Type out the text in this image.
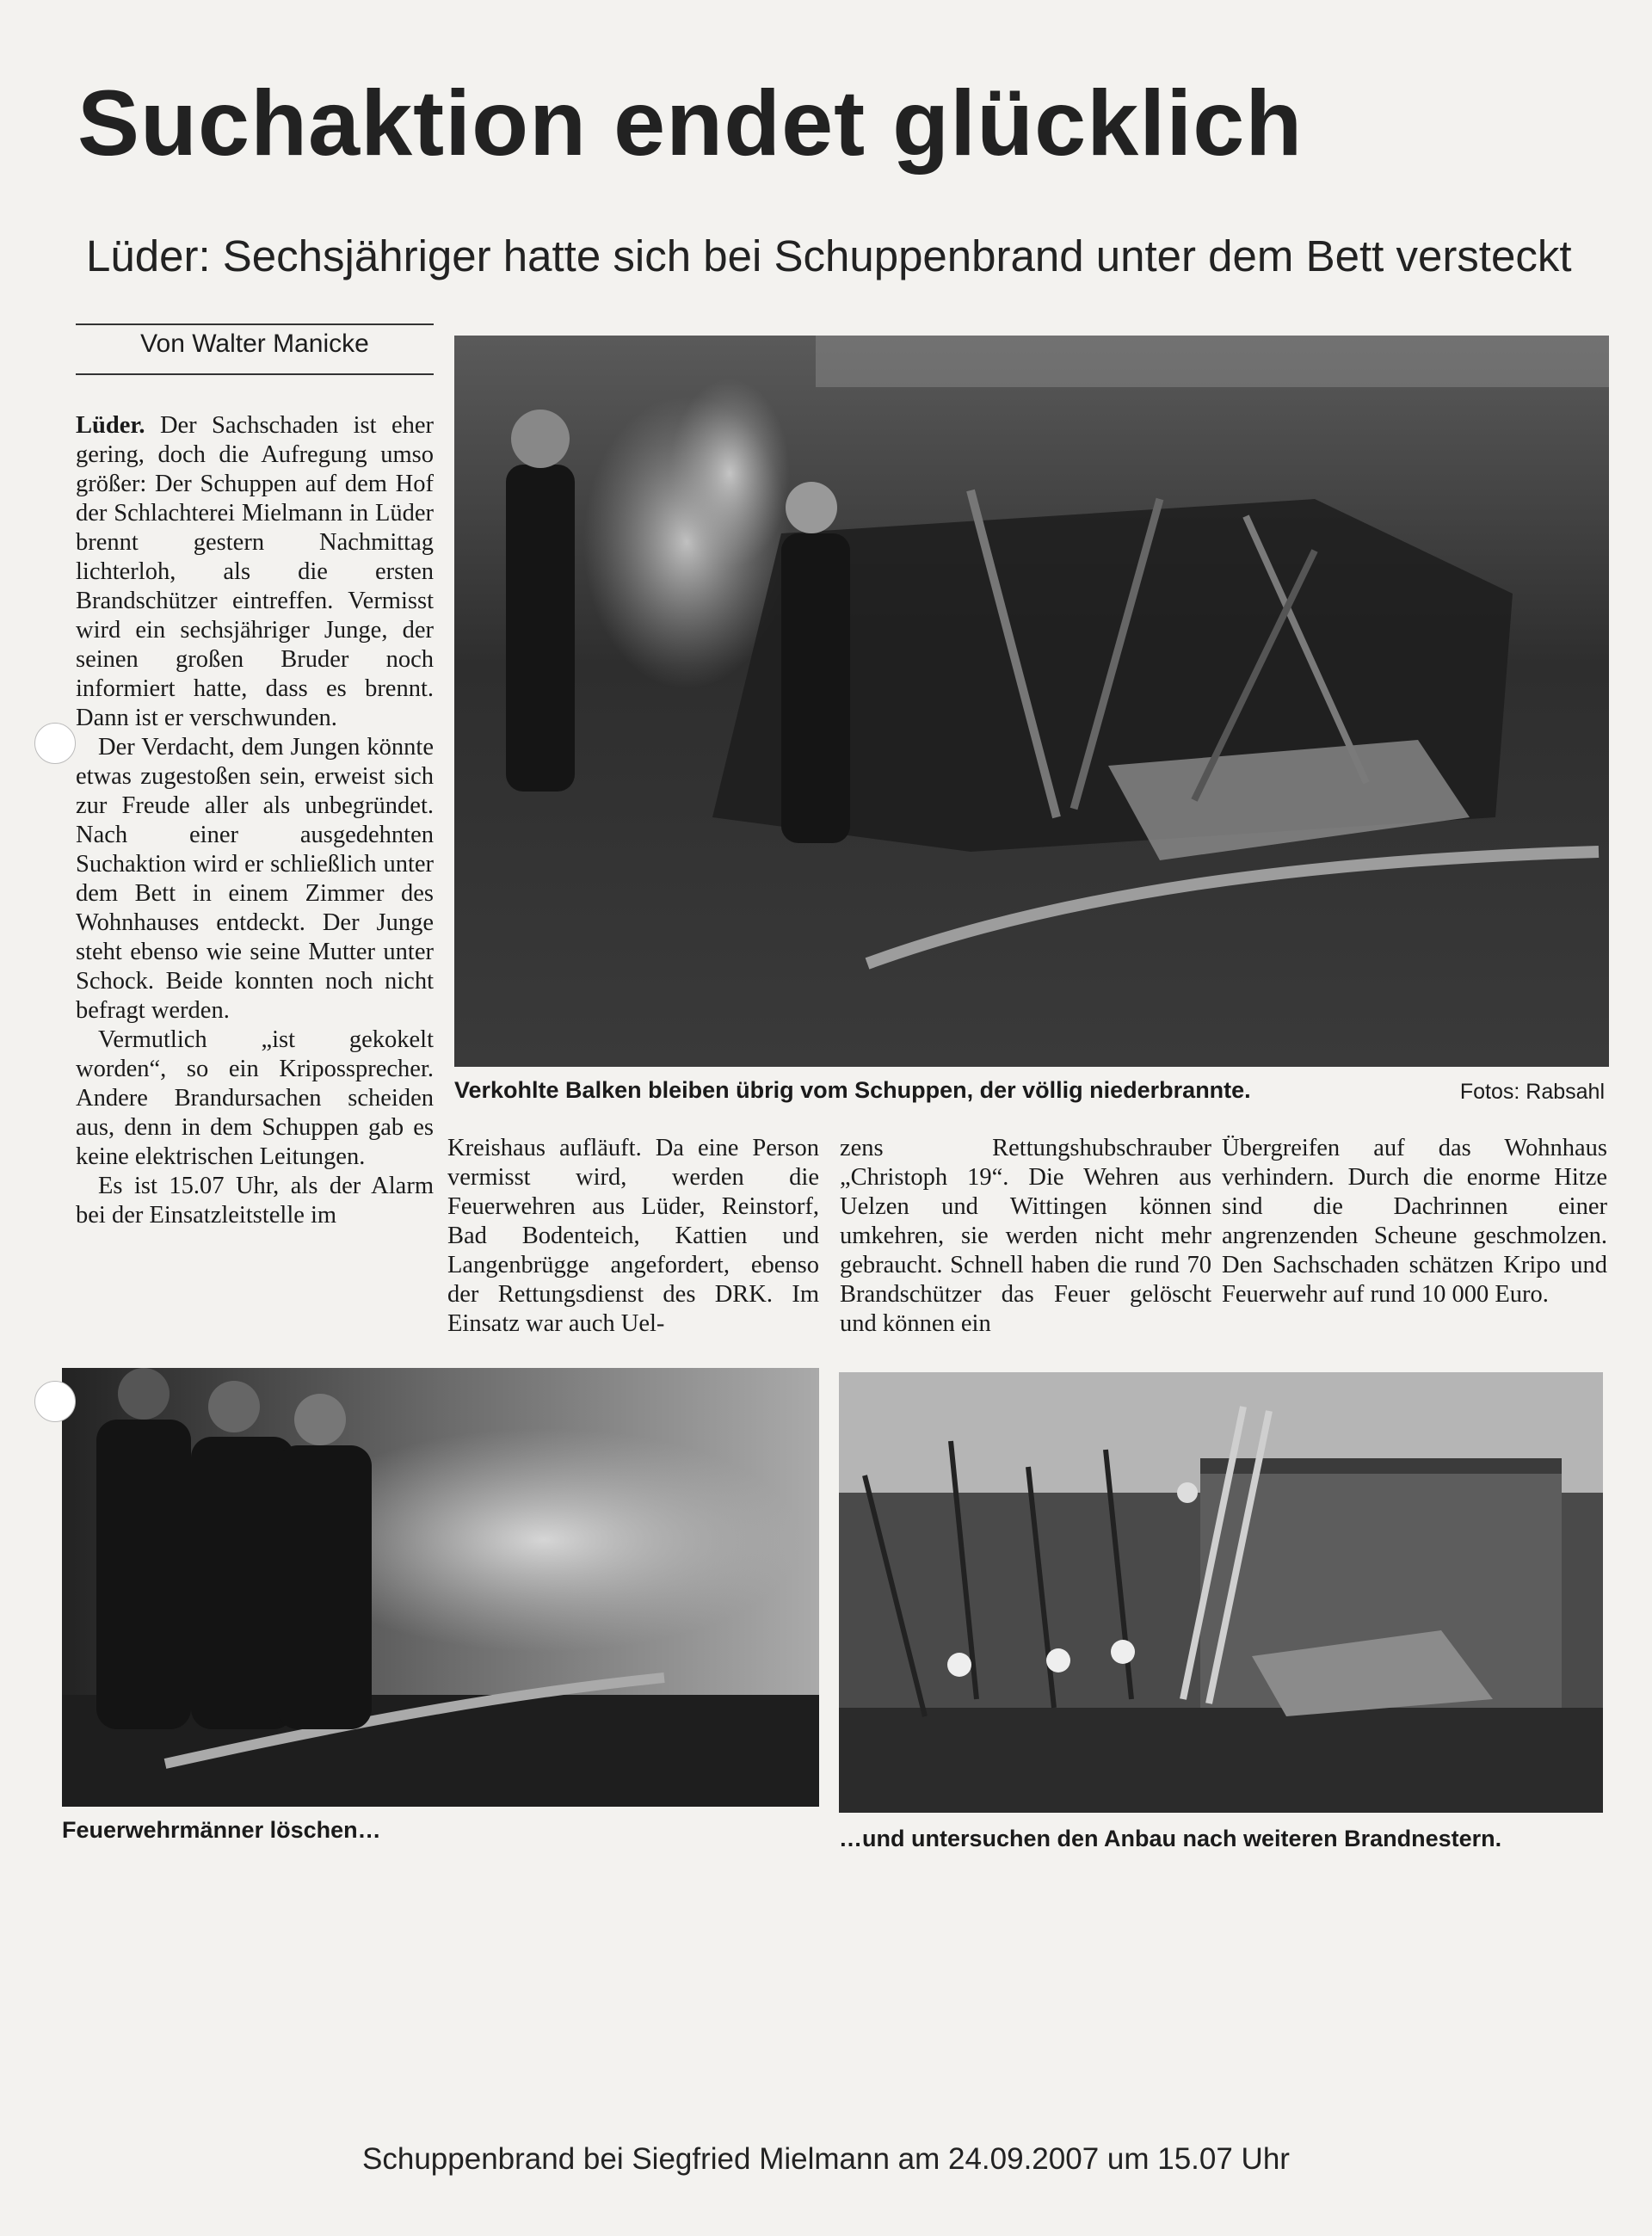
Suchaktion endet glücklich
Lüder: Sechsjähriger hatte sich bei Schuppenbrand unter dem Bett versteckt
Von Walter Manicke

Lüder. Der Sachschaden ist eher gering, doch die Aufregung umso größer: Der Schuppen auf dem Hof der Schlachterei Mielmann in Lüder brennt gestern Nachmittag lichterloh, als die ersten Brandschützer eintreffen. Vermisst wird ein sechsjähriger Junge, der seinen großen Bruder noch informiert hatte, dass es brennt. Dann ist er verschwunden.

Der Verdacht, dem Jungen könnte etwas zugestoßen sein, erweist sich zur Freude aller als unbegründet. Nach einer ausgedehnten Suchaktion wird er schließlich unter dem Bett in einem Zimmer des Wohnhauses entdeckt. Der Junge steht ebenso wie seine Mutter unter Schock. Beide konnten noch nicht befragt werden.

Vermutlich „ist gekokelt worden“, so ein Kripossprecher. Andere Brandursachen scheiden aus, denn in dem Schuppen gab es keine elektrischen Leitungen.

Es ist 15.07 Uhr, als der Alarm bei der Einsatzleitstelle im

Verkohlte Balken bleiben übrig vom Schuppen, der völlig niederbrannte.	Fotos: Rabsahl
Kreishaus aufläuft. Da eine Person vermisst wird, werden die Feuerwehren aus Lüder, Reinstorf, Bad Bodenteich, Kattien und Langenbrügge angefordert, ebenso der Rettungsdienst des DRK. Im Einsatz war auch Uel-
zens Rettungshubschrauber „Christoph 19“. Die Wehren aus Uelzen und Wittingen können umkehren, sie werden nicht mehr gebraucht. Schnell haben die rund 70 Brandschützer das Feuer gelöscht und können ein
Übergreifen auf das Wohnhaus verhindern. Durch die enorme Hitze sind die Dachrinnen einer angrenzenden Scheune geschmolzen. Den Sachschaden schätzen Kripo und Feuerwehr auf rund 10 000 Euro.
Feuerwehrmänner löschen…	…und untersuchen den Anbau nach weiteren Brandnestern.
Schuppenbrand bei Siegfried Mielmann am 24.09.2007 um 15.07 Uhr
